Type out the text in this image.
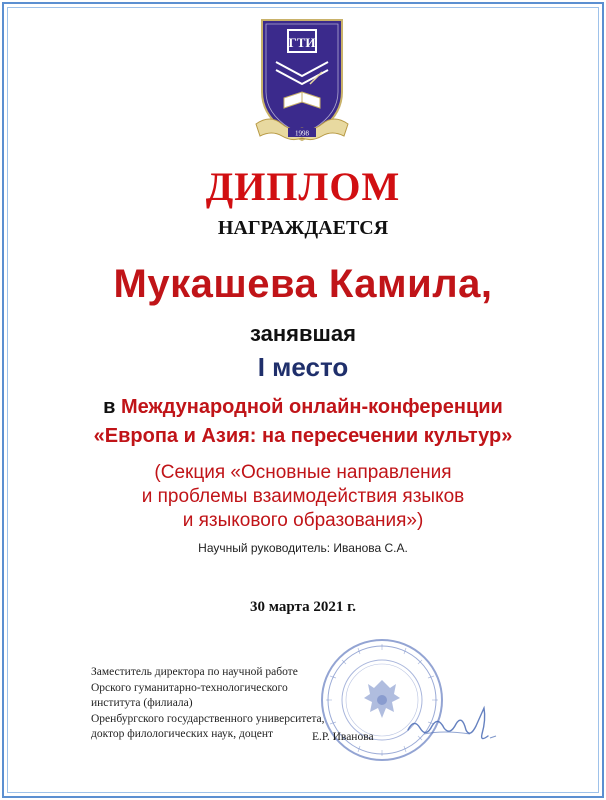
ГТИ
1998
ДИПЛОМ
НАГРАЖДАЕТСЯ
Мукашева Камила,
занявшая
I место
в Международной онлайн-конференции
«Европа и Азия: на пересечении культур»
(Секция «Основные направления
и проблемы взаимодействия языков
и языкового образования»)
Научный руководитель: Иванова С.А.
30 марта 2021 г.
Заместитель директора по научной работе
Орского гуманитарно-технологического
института (филиала)
Оренбургского государственного университета,
доктор филологических наук, доцент	Е.Р. Иванова
